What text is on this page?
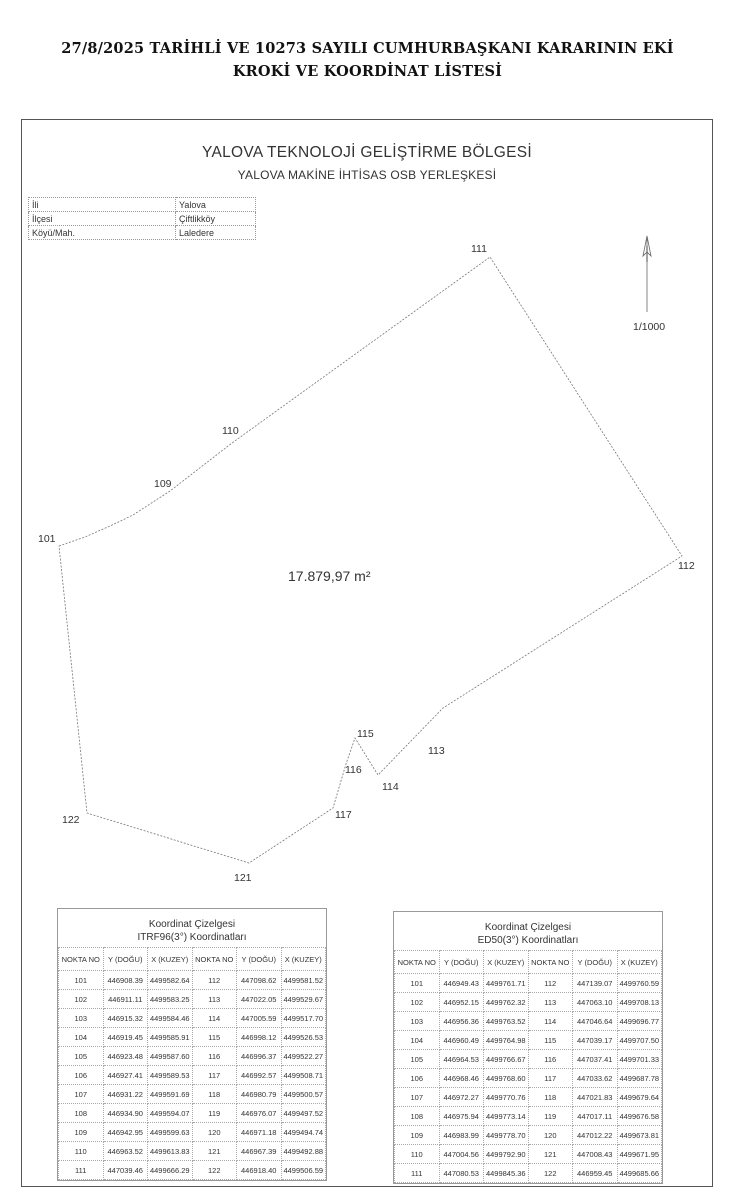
27/8/2025 TARİHLİ VE 10273 SAYILI CUMHURBAŞKANI KARARININ EKİ
KROKİ VE KOORDİNAT LİSTESİ
YALOVA TEKNOLOJİ GELİŞTİRME BÖLGESİ
YALOVA MAKİNE İHTİSAS OSB YERLEŞKESİ
İli	Yalova
İlçesi	Çiftlikköy
Köyü/Mah.	Laledere
1/1000
101
109
110
111
112
113
114
115
116
117
121
122
17.879,97 m²
Koordinat Çizelgesi
ITRF96(3°) Koordinatları
NOKTA NO	Y (DOĞU)	X (KUZEY)	NOKTA NO	Y (DOĞU)	X (KUZEY)
101	446908.39	4499582.64	112	447098.62	4499581.52
102	446911.11	4499583.25	113	447022.05	4499529.67
103	446915.32	4499584.46	114	447005.59	4499517.70
104	446919.45	4499585.91	115	446998.12	4499526.53
105	446923.48	4499587.60	116	446996.37	4499522.27
106	446927.41	4499589.53	117	446992.57	4499508.71
107	446931.22	4499591.69	118	446980.79	4499500.57
108	446934.90	4499594.07	119	446976.07	4499497.52
109	446942.95	4499599.63	120	446971.18	4499494.74
110	446963.52	4499613.83	121	446967.39	4499492.88
111	447039.46	4499666.29	122	446918.40	4499506.59
Koordinat Çizelgesi
ED50(3°) Koordinatları
NOKTA NO	Y (DOĞU)	X (KUZEY)	NOKTA NO	Y (DOĞU)	X (KUZEY)
101	446949.43	4499761.71	112	447139.07	4499760.59
102	446952.15	4499762.32	113	447063.10	4499708.13
103	446956.36	4499763.52	114	447046.64	4499696.77
104	446960.49	4499764.98	115	447039.17	4499707.50
105	446964.53	4499766.67	116	447037.41	4499701.33
106	446968.46	4499768.60	117	447033.62	4499687.78
107	446972.27	4499770.76	118	447021.83	4499679.64
108	446975.94	4499773.14	119	447017.11	4499676.58
109	446983.99	4499778.70	120	447012.22	4499673.81
110	447004.56	4499792.90	121	447008.43	4499671.95
111	447080.53	4499845.36	122	446959.45	4499685.66
